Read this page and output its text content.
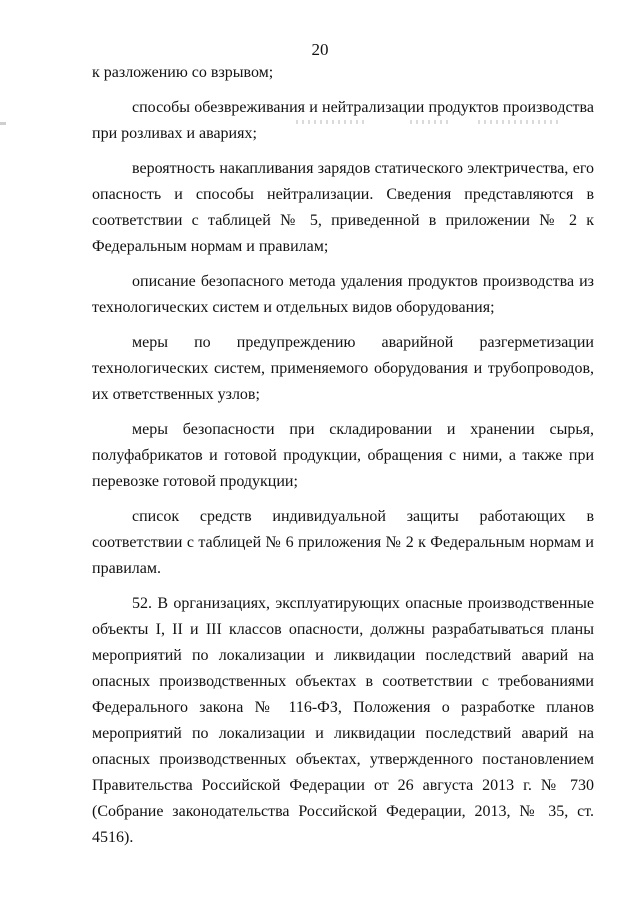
20

к разложению со взрывом;

способы обезвреживания и нейтрализации продуктов производства при розливах и авариях;

вероятность накапливания зарядов статического электричества, его опасность и способы нейтрализации. Сведения представляются в соответствии с таблицей № 5, приведенной в приложении № 2 к Федеральным нормам и правилам;

описание безопасного метода удаления продуктов производства из технологических систем и отдельных видов оборудования;

меры по предупреждению аварийной разгерметизации технологических систем, применяемого оборудования и трубопроводов, их ответственных узлов;

меры безопасности при складировании и хранении сырья, полуфабрикатов и готовой продукции, обращения с ними, а также при перевозке готовой продукции;

список средств индивидуальной защиты работающих в соответствии с таблицей № 6 приложения № 2 к Федеральным нормам и правилам.

52. В организациях, эксплуатирующих опасные производственные объекты I, II и III классов опасности, должны разрабатываться планы мероприятий по локализации и ликвидации последствий аварий на опасных производственных объектах в соответствии с требованиями Федерального закона № 116-ФЗ, Положения о разработке планов мероприятий по локализации и ликвидации последствий аварий на опасных производственных объектах, утвержденного постановлением Правительства Российской Федерации от 26 августа 2013 г. № 730 (Собрание законодательства Российской Федерации, 2013, № 35, ст. 4516).
